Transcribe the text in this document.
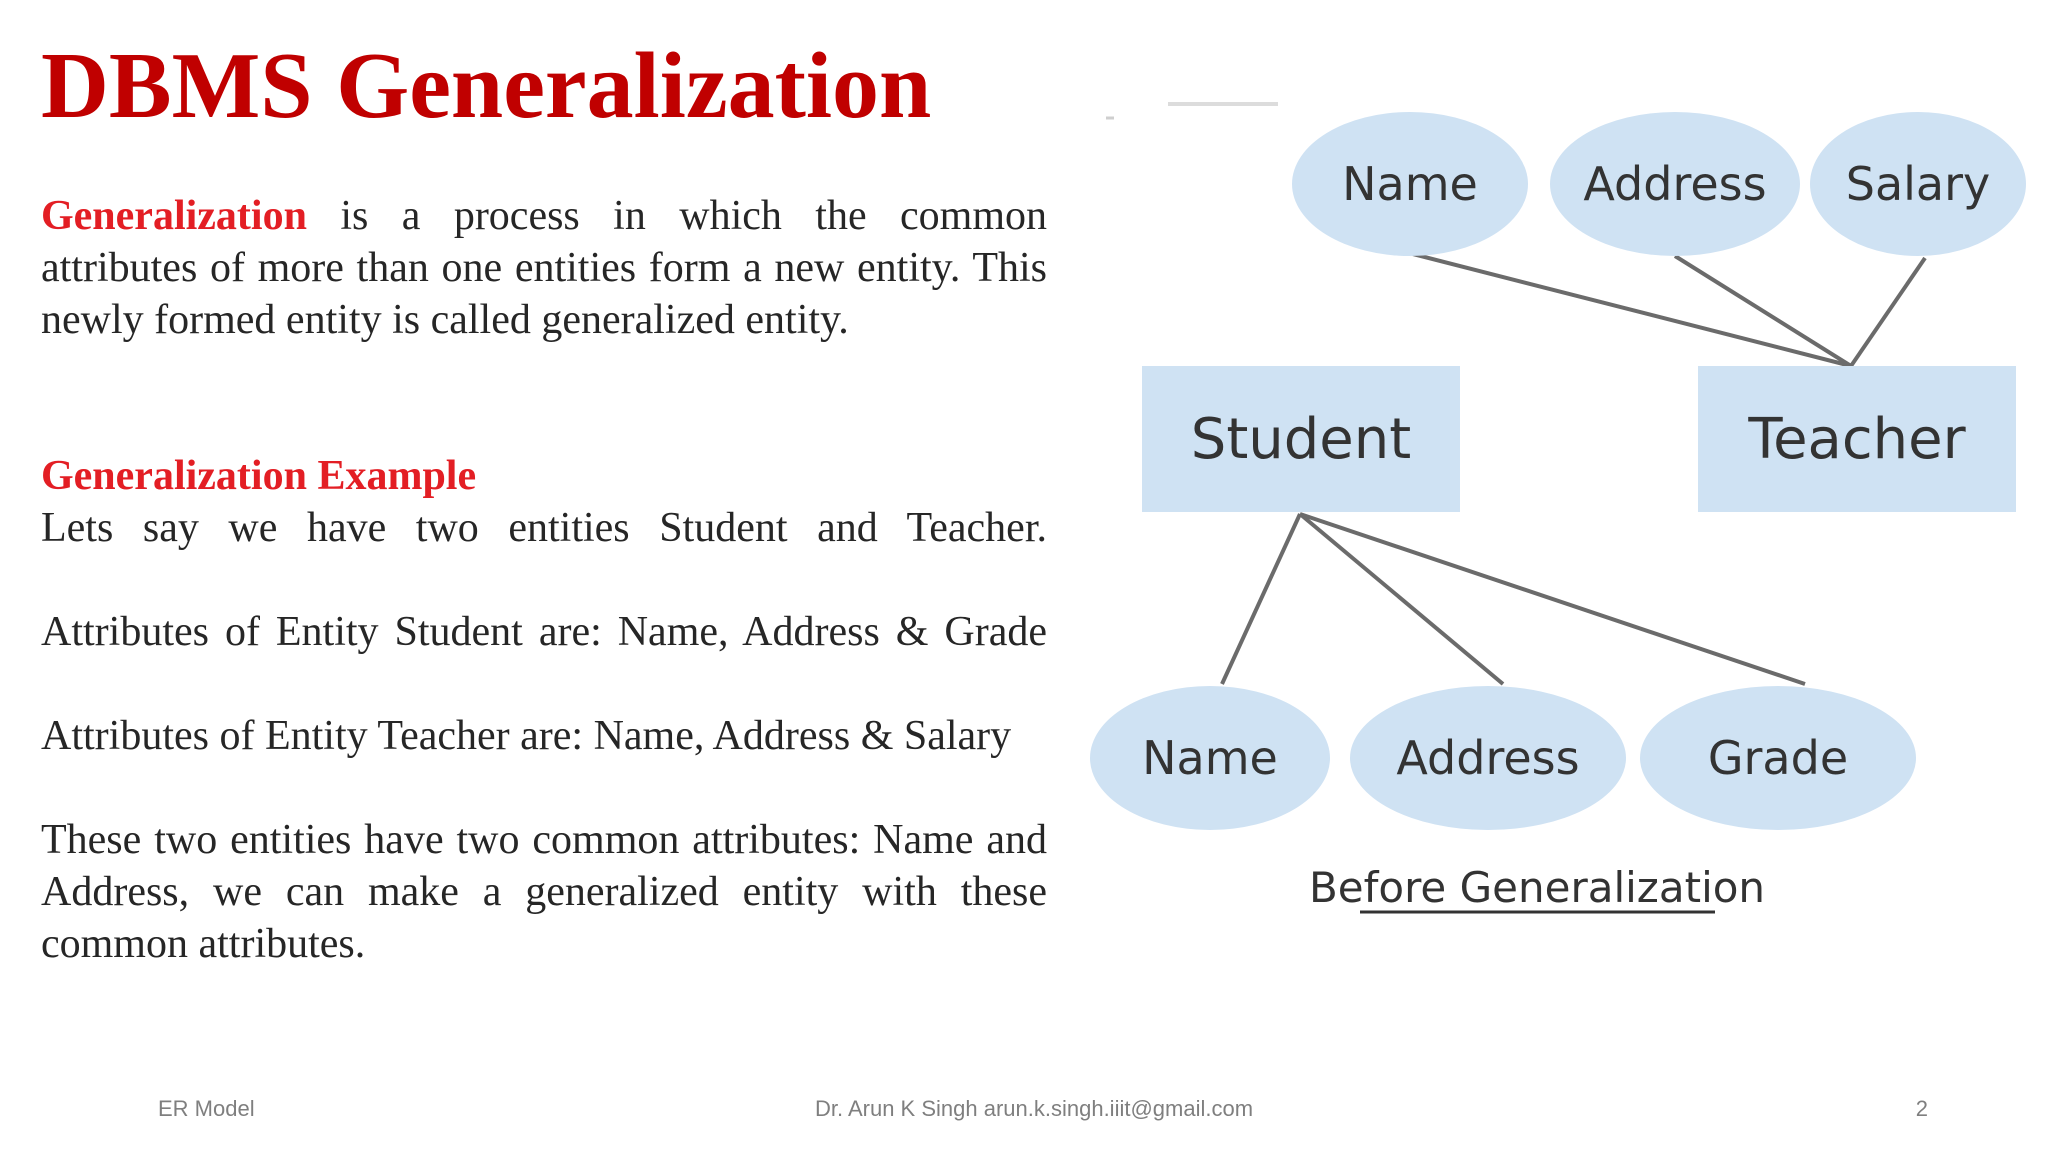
DBMS Generalization

Generalization is a process in which the common attributes of more than one entities form a new entity. This newly formed entity is called generalized entity.

Generalization Example

Lets say we have two entities Student and Teacher.

Attributes of Entity Student are: Name, Address & Grade

Attributes of Entity Teacher are: Name, Address & Salary

These two entities have two common attributes: Name and Address, we can make a generalized entity with these common attributes.

Name Address Salary
Student	Teacher
Name	Address	Grade
Before Generalization
ER Model	Dr. Arun K Singh arun.k.singh.iiit@gmail.com	2
